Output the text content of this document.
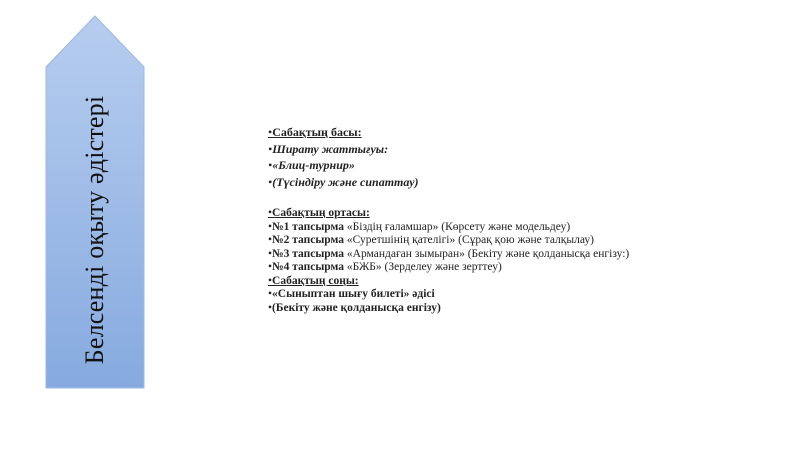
Белсенді оқыту әдістері	•Сабақтың басы:
•Ширату жаттығуы:
•«Блиц-турнир»
•(Түсіндіру және сипаттау)
•Сабақтың ортасы:
•№1 тапсырма «Біздің ғаламшар» (Көрсету және модельдеу)
•№2 тапсырма «Суретшінің қателігі» (Сұрақ қою және талқылау)
•№3 тапсырма «Армандаған зымыран» (Бекіту және қолданысқа енгізу:)
•№4 тапсырма «БЖБ» (Зерделеу және зерттеу)
•Сабақтың соңы:
•«Сыныптан шығу билеті» әдісі
•(Бекіту және қолданысқа енгізу)
